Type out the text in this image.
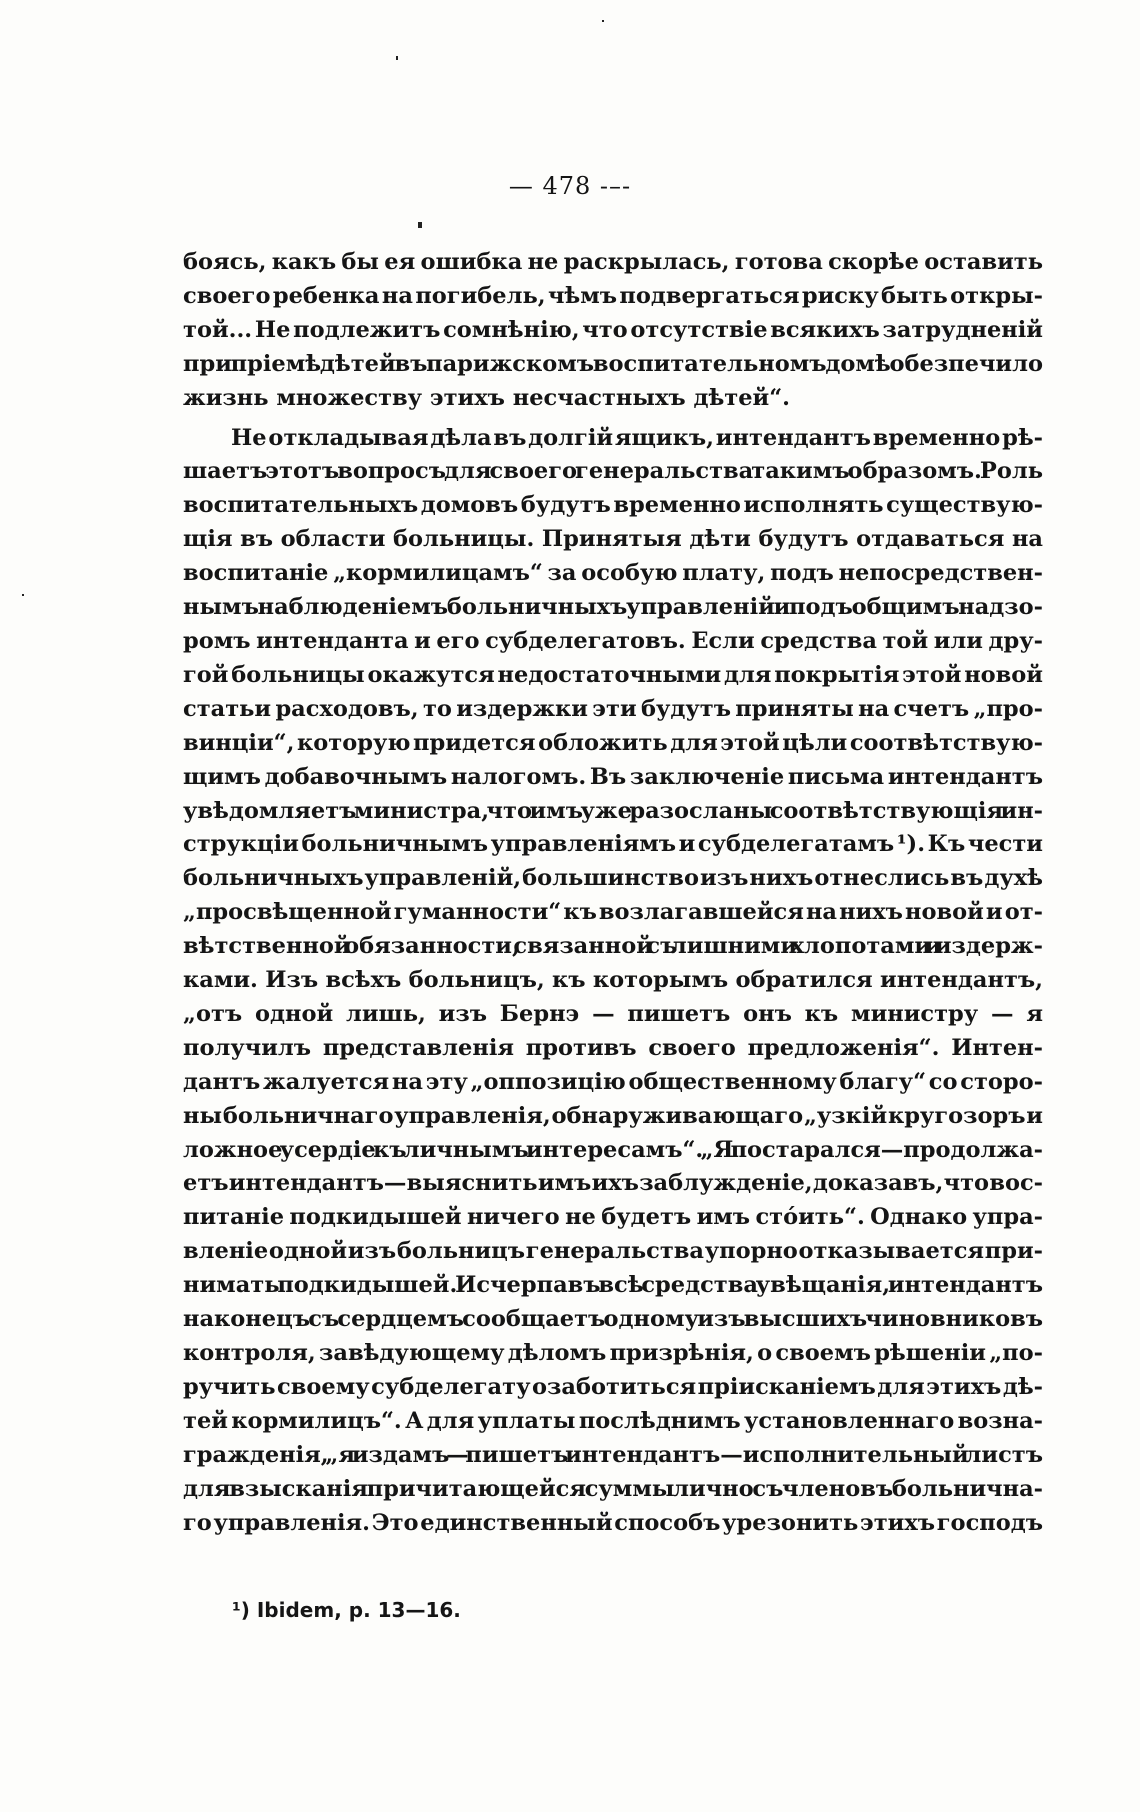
— 478 -–-
боясь, какъ бы ея ошибка не раскрылась, готова скорѣе оставить
своего ребенка на погибель, чѣмъ подвергаться риску быть откры-
той... Не подлежитъ сомнѣнію, что отсутствіе всякихъ затрудненій
при пріемѣ дѣтей въ парижскомъ воспитательномъ домѣ обезпечило
жизнь множеству этихъ несчастныхъ дѣтей“.
Не откладывая дѣла въ долгій ящикъ, интендантъ временно рѣ-
шаетъ этотъ вопросъ для своего генеральства такимъ образомъ. Роль
воспитательныхъ домовъ будутъ временно исполнять существую-
щія въ области больницы. Принятыя дѣти будутъ отдаваться на
воспитаніе „кормилицамъ“ за особую плату, подъ непосредствен-
нымъ наблюденіемъ больничныхъ управленій и подъ общимъ надзо-
ромъ интенданта и его субделегатовъ. Если средства той или дру-
гой больницы окажутся недостаточными для покрытія этой новой
статьи расходовъ, то издержки эти будутъ приняты на счетъ „про-
винціи“, которую придется обложить для этой цѣли соотвѣтствую-
щимъ добавочнымъ налогомъ. Въ заключеніе письма интендантъ
увѣдомляетъ министра, что имъ уже разосланы соотвѣтствующія ин-
струкціи больничнымъ управленіямъ и субделегатамъ ¹). Къ чести
больничныхъ управленій, большинство изъ нихъ отнеслись въ духѣ
„просвѣщенной гуманности“ къ возлагавшейся на нихъ новой и от-
вѣтственной обязанности, связанной съ лишними хлопотами и издерж-
ками. Изъ всѣхъ больницъ, къ которымъ обратился интендантъ,
„отъ одной лишь, изъ Бернэ — пишетъ онъ къ министру — я
получилъ представленія противъ своего предложенія“. Интен-
дантъ жалуется на эту „оппозицію общественному благу“ со сторо-
ны больничнаго управленія, обнаруживающаго „узкій кругозоръ и
ложное усердіе къ личнымъ интересамъ“. „Я постарался—продолжа-
етъ интендантъ— выяснить имъ ихъ заблужденіе, доказавъ, что вос-
питаніе подкидышей ничего не будетъ имъ стóить“. Однако упра-
вленіе одной изъ больницъ генеральства упорно отказывается при-
нимать подкидышей. Исчерпавъ всѣ средства увѣщанія, интендантъ
наконецъ съ сердцемъ сообщаетъ одному изъ высшихъ чиновниковъ
контроля, завѣдующему дѣломъ призрѣнія, о своемъ рѣшеніи „по-
ручить своему субделегату озаботиться пріисканіемъ для этихъ дѣ-
тей кормилицъ“. А для уплаты послѣднимъ установленнаго возна-
гражденія, „я издамъ — пишетъ интендантъ—исполнительный листъ
для взысканія причитающейся суммы лично съ членовъ больнична-
го управленія. Это единственный способъ урезонить этихъ господъ
¹) Ibidem, p. 13—16.
